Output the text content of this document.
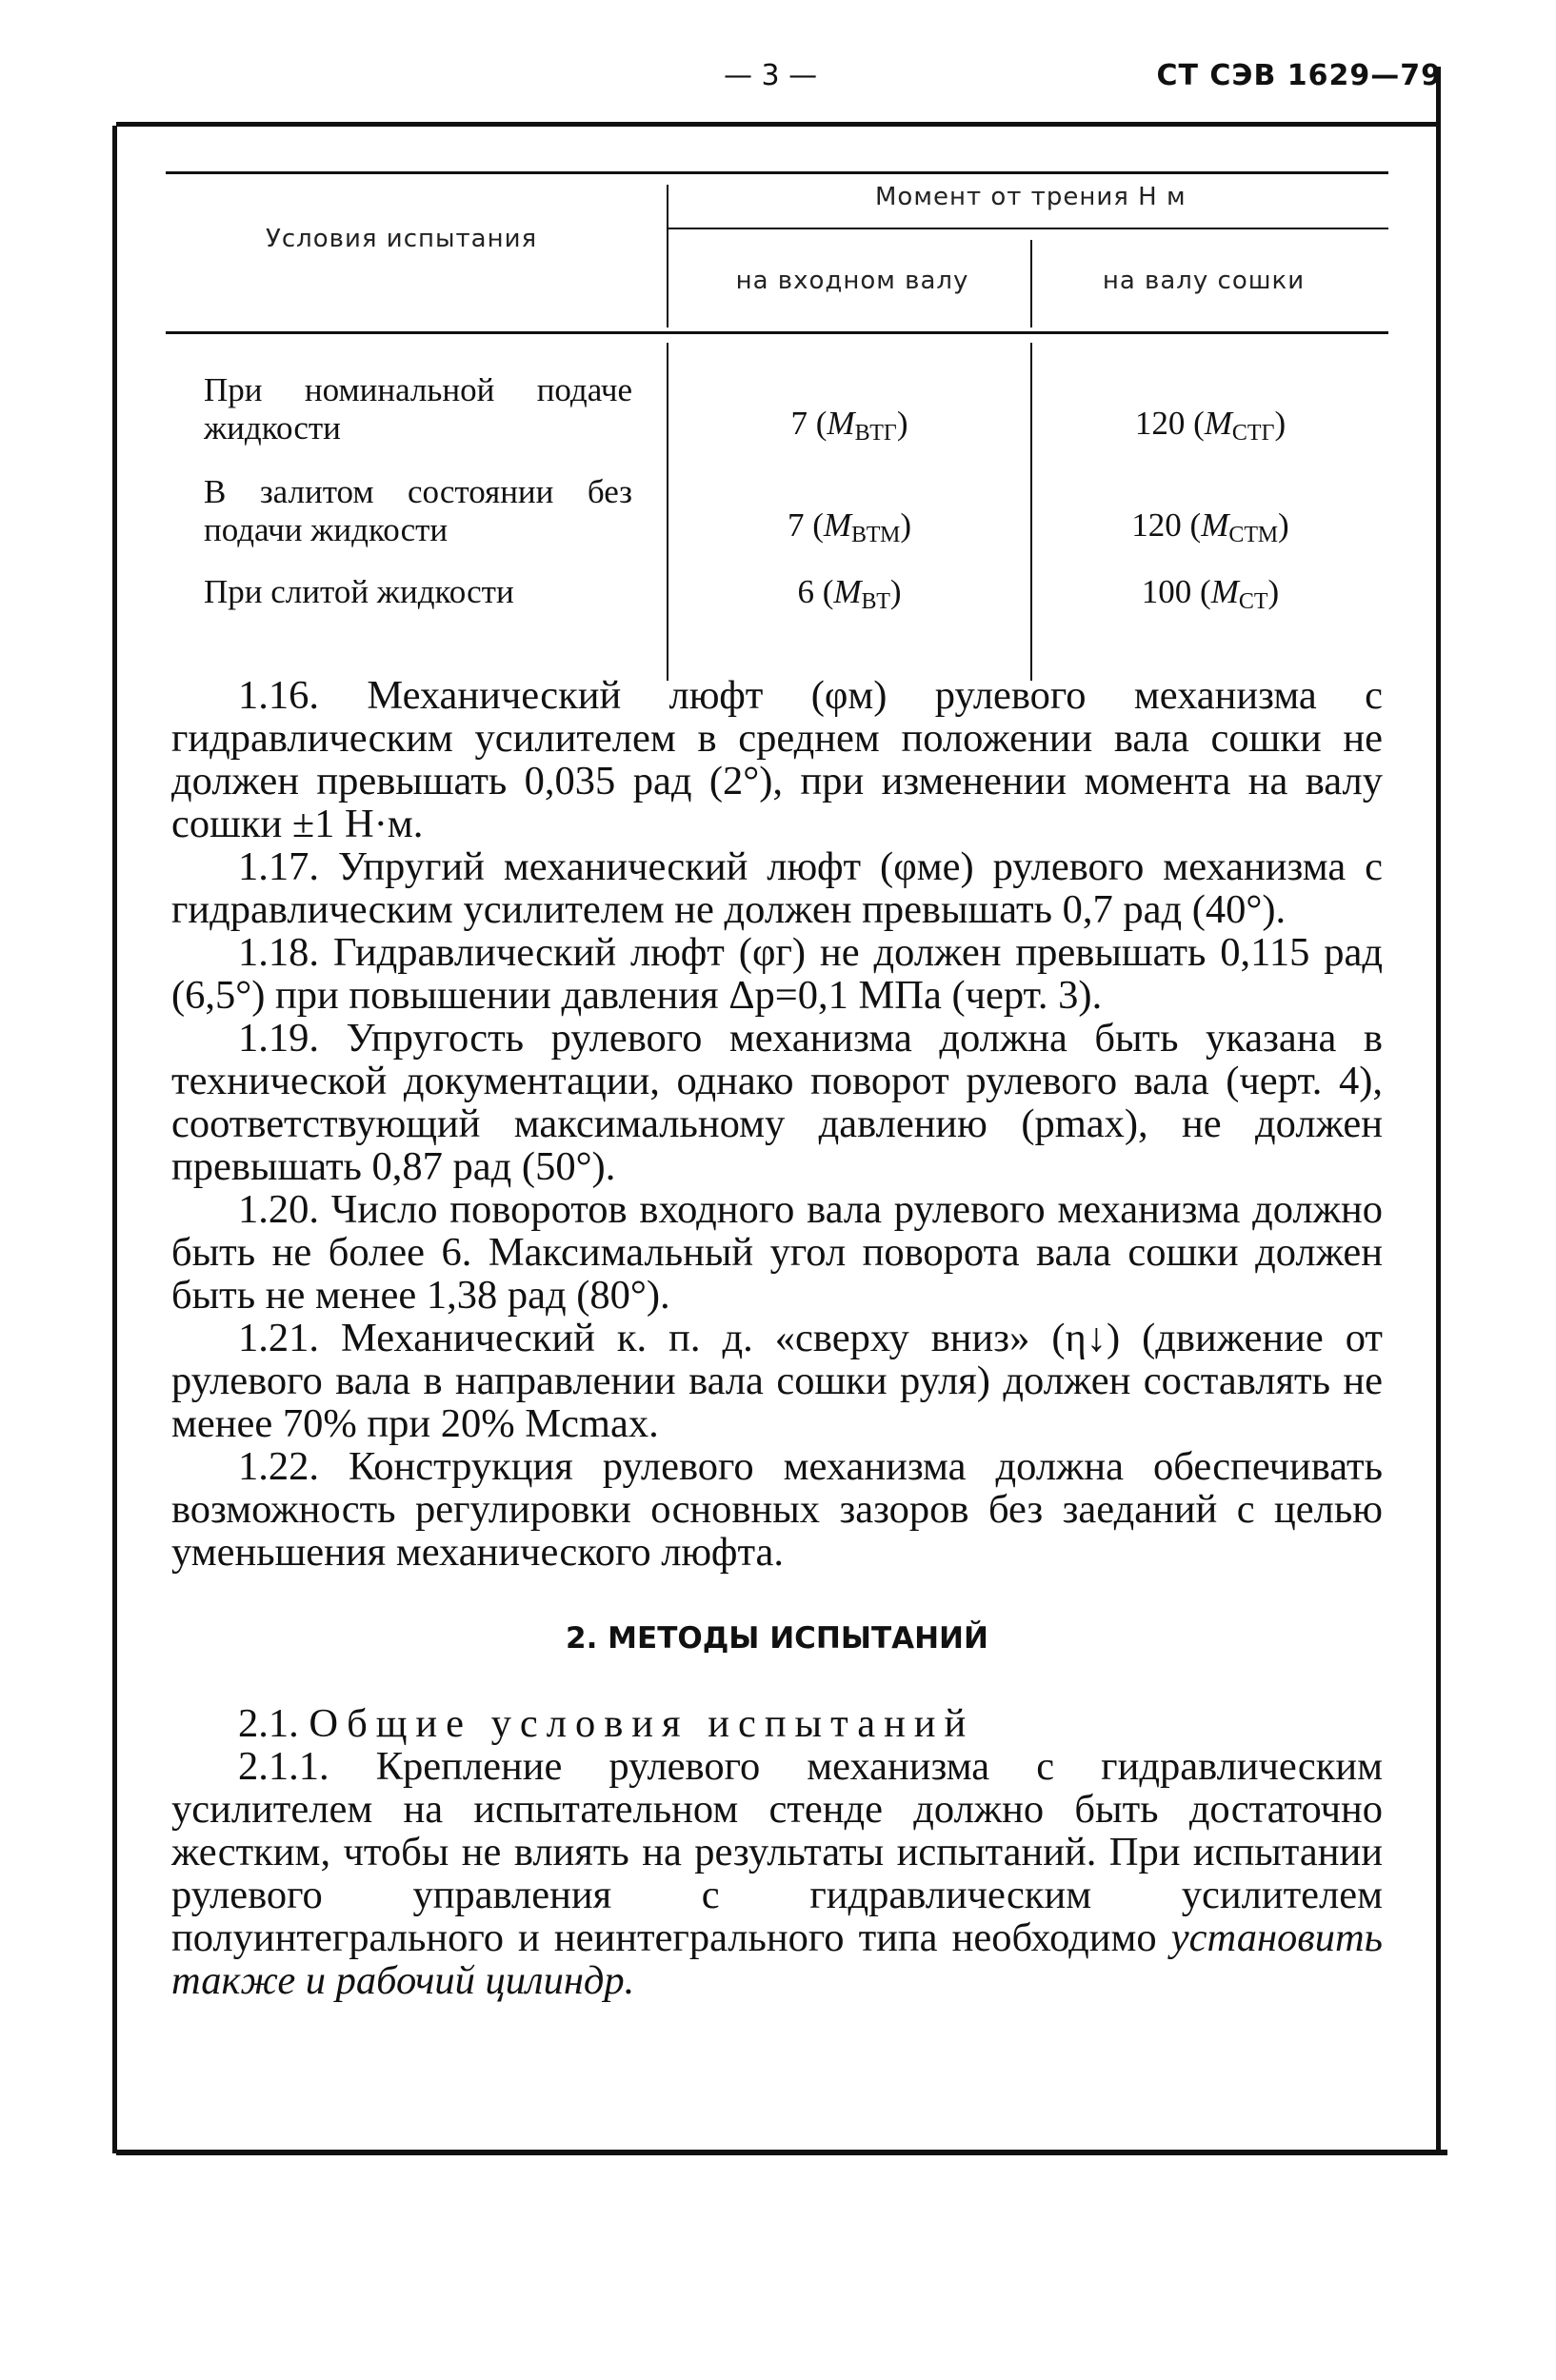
— 3 —	СТ СЭВ 1629—79
Условия испытания
Момент от трения Н м
на входном валу	на валу сошки
При номинальной подаче жидкости	7 $(М_{ВТГ})$	120 $(М_{СТГ})$
В залитом состоянии без подачи жидкости	7 $(М_{ВТМ})$	120 $(М_{СТМ})$
При слитой жидкости	6 $(М_{ВТ})$	100 $(М_{СТ})$

1.16. Механический люфт (φм) рулевого механизма с гидравлическим усилителем в среднем положении вала сошки не должен превышать 0,035 рад (2°), при изменении момента на валу сошки ±1 Н·м.

1.17. Упругий механический люфт (φме) рулевого механизма с гидравлическим усилителем не должен превышать 0,7 рад (40°).

1.18. Гидравлический люфт (φг) не должен превышать 0,115 рад (6,5°) при повышении давления Δp=0,1 МПа (черт. 3).

1.19. Упругость рулевого механизма должна быть указана в технической документации, однако поворот рулевого вала (черт. 4), соответствующий максимальному давлению (pmax), не должен превышать 0,87 рад (50°).

1.20. Число поворотов входного вала рулевого механизма должно быть не более 6. Максимальный угол поворота вала сошки должен быть не менее 1,38 рад (80°).

1.21. Механический к. п. д. «сверху вниз» (η↓) (движение от рулевого вала в направлении вала сошки руля) должен составлять не менее 70% при 20% Мсmax.

1.22. Конструкция рулевого механизма должна обеспечивать возможность регулировки основных зазоров без заеданий с целью уменьшения механического люфта.

2. МЕТОДЫ ИСПЫТАНИЙ

2.1. Общие условия испытаний

2.1.1. Крепление рулевого механизма с гидравлическим усилителем на испытательном стенде должно быть достаточно жестким, чтобы не влиять на результаты испытаний. При испытании рулевого управления с гидравлическим усилителем полуинтегрального и неинтегрального типа необходимо установить также и рабочий цилиндр.
